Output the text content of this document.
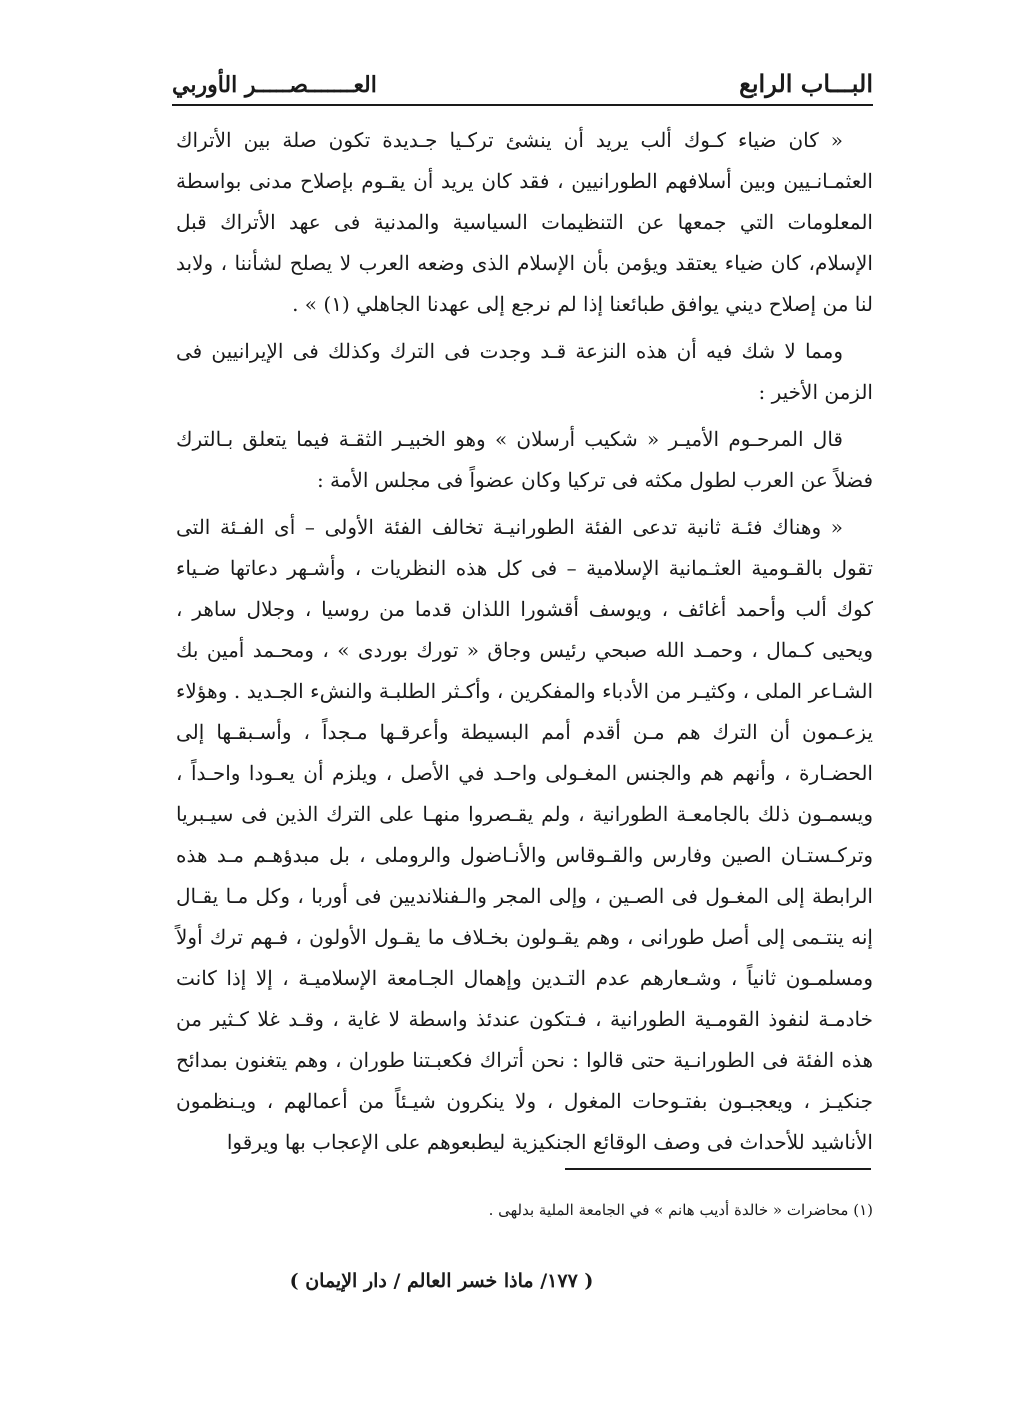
البـــاب الرابع
العـــــــصـــــر الأوربي

« كان ضياء كـوك ألب يريد أن ينشئ تركـيا جـديدة تكون صلة بين الأتراك العثمـانـيين وبين أسلافهم الطورانيين ، فقد كان يريد أن يقـوم بإصلاح مدنى بواسطة المعلومات التي جمعها عن التنظيمات السياسية والمدنية فى عهد الأتراك قبل الإسلام، كان ضياء يعتقد ويؤمن بأن الإسلام الذى وضعه العرب لا يصلح لشأننا ، ولابد لنا من إصلاح ديني يوافق طبائعنا إذا لم نرجع إلى عهدنا الجاهلي (١) » .

ومما لا شك فيه أن هذه النزعة قـد وجدت فى الترك وكذلك فى الإيرانيين فى الزمن الأخير :

قال المرحـوم الأميـر « شكيب أرسلان » وهو الخبيـر الثقـة فيما يتعلق بـالترك فضلاً عن العرب لطول مكثه فى تركيا وكان عضواً فى مجلس الأمة :

« وهناك فئـة ثانية تدعى الفئة الطورانيـة تخالف الفئة الأولى – أى الفـئة التى تقول بالقـومية العثـمانية الإسلامية – فى كل هذه النظريات ، وأشـهر دعاتها ضـياء كوك ألب وأحمد أغائف ، ويوسف أقشورا اللذان قدما من روسيا ، وجلال ساهر ، ويحيى كـمال ، وحمـد الله صبحي رئيس وجاق « تورك بوردى » ، ومحـمد أمين بك الشـاعر الملى ، وكثيـر من الأدباء والمفكرين ، وأكـثر الطلبـة والنشء الجـديد . وهؤلاء يزعـمون أن الترك هم مـن أقدم أمم البسيطة وأعرقـها مـجداً ، وأسـبقـها إلى الحضـارة ، وأنهم هم والجنس المغـولى واحـد في الأصل ، ويلزم أن يعـودا واحـداً ، ويسمـون ذلك بالجامعـة الطورانية ، ولم يقـصروا منهـا على الترك الذين فى سيـبريا وتركـستـان الصين وفارس والقـوقاس والأنـاضول والروملى ، بل مبدؤهـم مـد هذه الرابطة إلى المغـول فى الصـين ، وإلى المجر والـفنلانديين فى أوربا ، وكل مـا يقـال إنه ينتـمى إلى أصل طورانى ، وهم يقـولون بخـلاف ما يقـول الأولون ، فـهم ترك أولاً ومسلمـون ثانياً ، وشـعارهم عدم التـدين وإهمال الجـامعة الإسلاميـة ، إلا إذا كانت خادمـة لنفوذ القومـية الطورانية ، فـتكون عندئذ واسطة لا غاية ، وقـد غلا كـثير من هذه الفئة فى الطورانـية حتى قالوا : نحن أتراك فكعبـتنا طوران ، وهم يتغنون بمدائح جنكيـز ، ويعجبـون بفتـوحات المغول ، ولا ينكرون شيـئاً من أعمالهم ، ويـنظمون الأناشيد للأحداث فى وصف الوقائع الجنكيزية ليطبعوهم على الإعجاب بها ويرقوا

(١) محاضرات « خالدة أديب هانم » في الجامعة الملية بدلهى .
( ١٧٧/ ماذا خسر العالم / دار الإيمان )
